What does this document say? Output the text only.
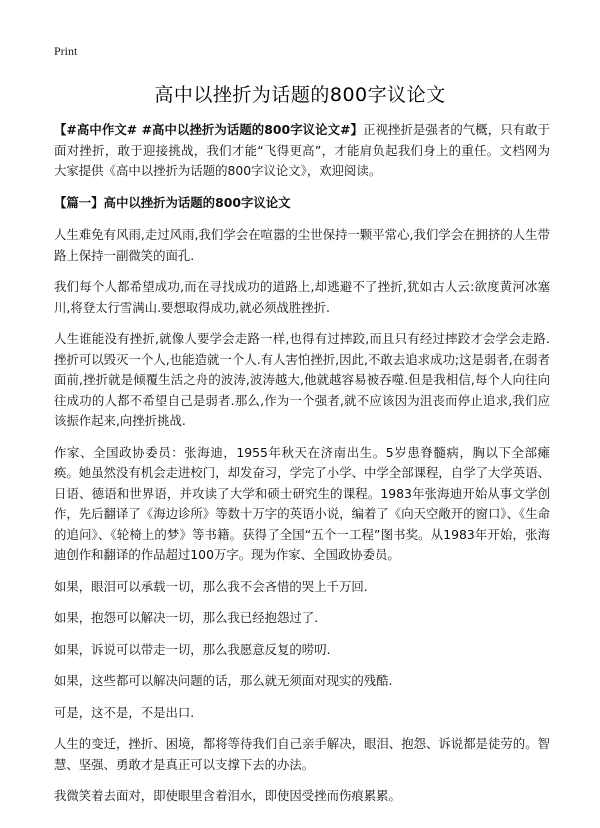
Print
高中以挫折为话题的800字议论文

【#高中作文# #高中以挫折为话题的800字议论文#】正视挫折是强者的气概，只有敢于面对挫折，敢于迎接挑战，我们才能“飞得更高”，才能肩负起我们身上的重任。文档网为大家提供《高中以挫折为话题的800字议论文》，欢迎阅读。

【篇一】高中以挫折为话题的800字议论文

人生难免有风雨,走过风雨,我们学会在喧嚣的尘世保持一颗平常心,我们学会在拥挤的人生带路上保持一副微笑的面孔.

我们每个人都希望成功,而在寻找成功的道路上,却逃避不了挫折,犹如古人云:欲度黄河冰塞川,将登太行雪满山.要想取得成功,就必须战胜挫折.

人生谁能没有挫折,就像人要学会走路一样,也得有过摔跤,而且只有经过摔跤才会学会走路.挫折可以毁灭一个人,也能造就一个人.有人害怕挫折,因此,不敢去追求成功;这是弱者,在弱者面前,挫折就是倾覆生活之舟的波涛,波涛越大,他就越容易被吞噬.但是我相信,每个人向往向往成功的人都不希望自己是弱者.那么,作为一个强者,就不应该因为沮丧而停止追求,我们应该振作起来,向挫折挑战.

作家、全国政协委员：张海迪，1955年秋天在济南出生。5岁患脊髓病，胸以下全部瘫痪。她虽然没有机会走进校门，却发奋习，学完了小学、中学全部课程，自学了大学英语、日语、德语和世界语，并攻读了大学和硕士研究生的课程。1983年张海迪开始从事文学创作，先后翻译了《海边诊所》等数十万字的英语小说，编着了《向天空敞开的窗口》、《生命的追问》、《轮椅上的梦》等书籍。获得了全国“五个一工程”图书奖。从1983年开始，张海迪创作和翻译的作品超过100万字。现为作家、全国政协委员。

如果，眼泪可以承载一切，那么我不会吝惜的哭上千万回.

如果，抱怨可以解决一切，那么我已经抱怨过了.

如果，诉说可以带走一切，那么我愿意反复的唠叨.

如果，这些都可以解决问题的话，那么就无须面对现实的残酷.

可是，这不是，不是出口.

人生的变迁，挫折、困境，都将等待我们自己亲手解决，眼泪、抱怨、诉说都是徒劳的。智慧、坚强、勇敢才是真正可以支撑下去的办法。

我微笑着去面对，即使眼里含着泪水，即使因受挫而伤痕累累。
